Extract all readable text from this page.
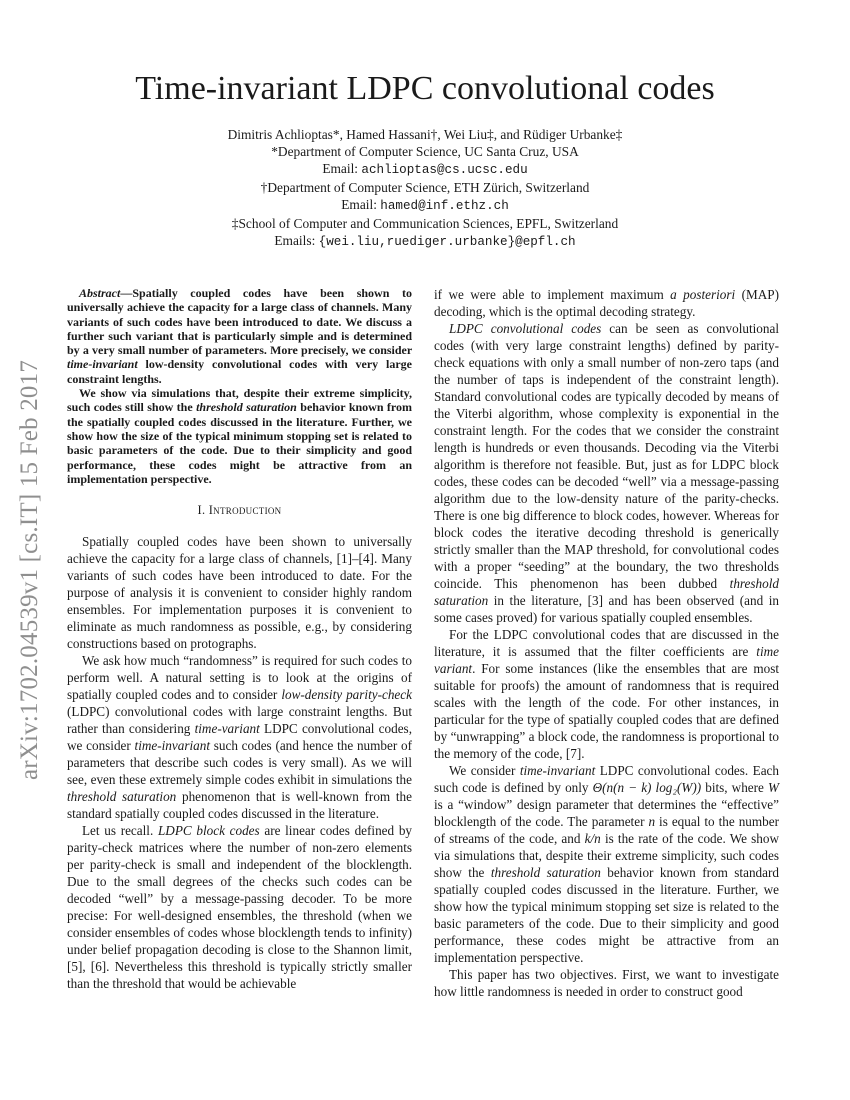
arXiv:1702.04539v1 [cs.IT] 15 Feb 2017
Time-invariant LDPC convolutional codes
Dimitris Achlioptas*, Hamed Hassani†, Wei Liu‡, and Rüdiger Urbanke‡
*Department of Computer Science, UC Santa Cruz, USA
Email: achlioptas@cs.ucsc.edu
†Department of Computer Science, ETH Zürich, Switzerland
Email: hamed@inf.ethz.ch
‡School of Computer and Communication Sciences, EPFL, Switzerland
Emails: {wei.liu,ruediger.urbanke}@epfl.ch

Abstract—Spatially coupled codes have been shown to universally achieve the capacity for a large class of channels. Many variants of such codes have been introduced to date. We discuss a further such variant that is particularly simple and is determined by a very small number of parameters. More precisely, we consider time-invariant low-density convolutional codes with very large constraint lengths.

We show via simulations that, despite their extreme simplicity, such codes still show the threshold saturation behavior known from the spatially coupled codes discussed in the literature. Further, we show how the size of the typical minimum stopping set is related to basic parameters of the code. Due to their simplicity and good performance, these codes might be attractive from an implementation perspective.

I. Introduction

Spatially coupled codes have been shown to universally achieve the capacity for a large class of channels, [1]–[4]. Many variants of such codes have been introduced to date. For the purpose of analysis it is convenient to consider highly random ensembles. For implementation purposes it is convenient to eliminate as much randomness as possible, e.g., by considering constructions based on protographs.

We ask how much “randomness” is required for such codes to perform well. A natural setting is to look at the origins of spatially coupled codes and to consider low-density parity-check (LDPC) convolutional codes with large constraint lengths. But rather than considering time-variant LDPC convolutional codes, we consider time-invariant such codes (and hence the number of parameters that describe such codes is very small). As we will see, even these extremely simple codes exhibit in simulations the threshold saturation phenomenon that is well-known from the standard spatially coupled codes discussed in the literature.

Let us recall. LDPC block codes are linear codes defined by parity-check matrices where the number of non-zero elements per parity-check is small and independent of the blocklength. Due to the small degrees of the checks such codes can be decoded “well” by a message-passing decoder. To be more precise: For well-designed ensembles, the threshold (when we consider ensembles of codes whose blocklength tends to infinity) under belief propagation decoding is close to the Shannon limit, [5], [6]. Nevertheless this threshold is typically strictly smaller than the threshold that would be achievable

if we were able to implement maximum a posteriori (MAP) decoding, which is the optimal decoding strategy.

LDPC convolutional codes can be seen as convolutional codes (with very large constraint lengths) defined by parity-check equations with only a small number of non-zero taps (and the number of taps is independent of the constraint length). Standard convolutional codes are typically decoded by means of the Viterbi algorithm, whose complexity is exponential in the constraint length. For the codes that we consider the constraint length is hundreds or even thousands. Decoding via the Viterbi algorithm is therefore not feasible. But, just as for LDPC block codes, these codes can be decoded “well” via a message-passing algorithm due to the low-density nature of the parity-checks. There is one big difference to block codes, however. Whereas for block codes the iterative decoding threshold is generically strictly smaller than the MAP threshold, for convolutional codes with a proper “seeding” at the boundary, the two thresholds coincide. This phenomenon has been dubbed threshold saturation in the literature, [3] and has been observed (and in some cases proved) for various spatially coupled ensembles.

For the LDPC convolutional codes that are discussed in the literature, it is assumed that the filter coefficients are time variant. For some instances (like the ensembles that are most suitable for proofs) the amount of randomness that is required scales with the length of the code. For other instances, in particular for the type of spatially coupled codes that are defined by “unwrapping” a block code, the randomness is proportional to the memory of the code, [7].

We consider time-invariant LDPC convolutional codes. Each such code is defined by only Θ(n(n − k) log₂(W)) bits, where W is a “window” design parameter that determines the “effective” blocklength of the code. The parameter n is equal to the number of streams of the code, and k/n is the rate of the code. We show via simulations that, despite their extreme simplicity, such codes show the threshold saturation behavior known from standard spatially coupled codes discussed in the literature. Further, we show how the typical minimum stopping set size is related to the basic parameters of the code. Due to their simplicity and good performance, these codes might be attractive from an implementation perspective.

This paper has two objectives. First, we want to investigate how little randomness is needed in order to construct good
